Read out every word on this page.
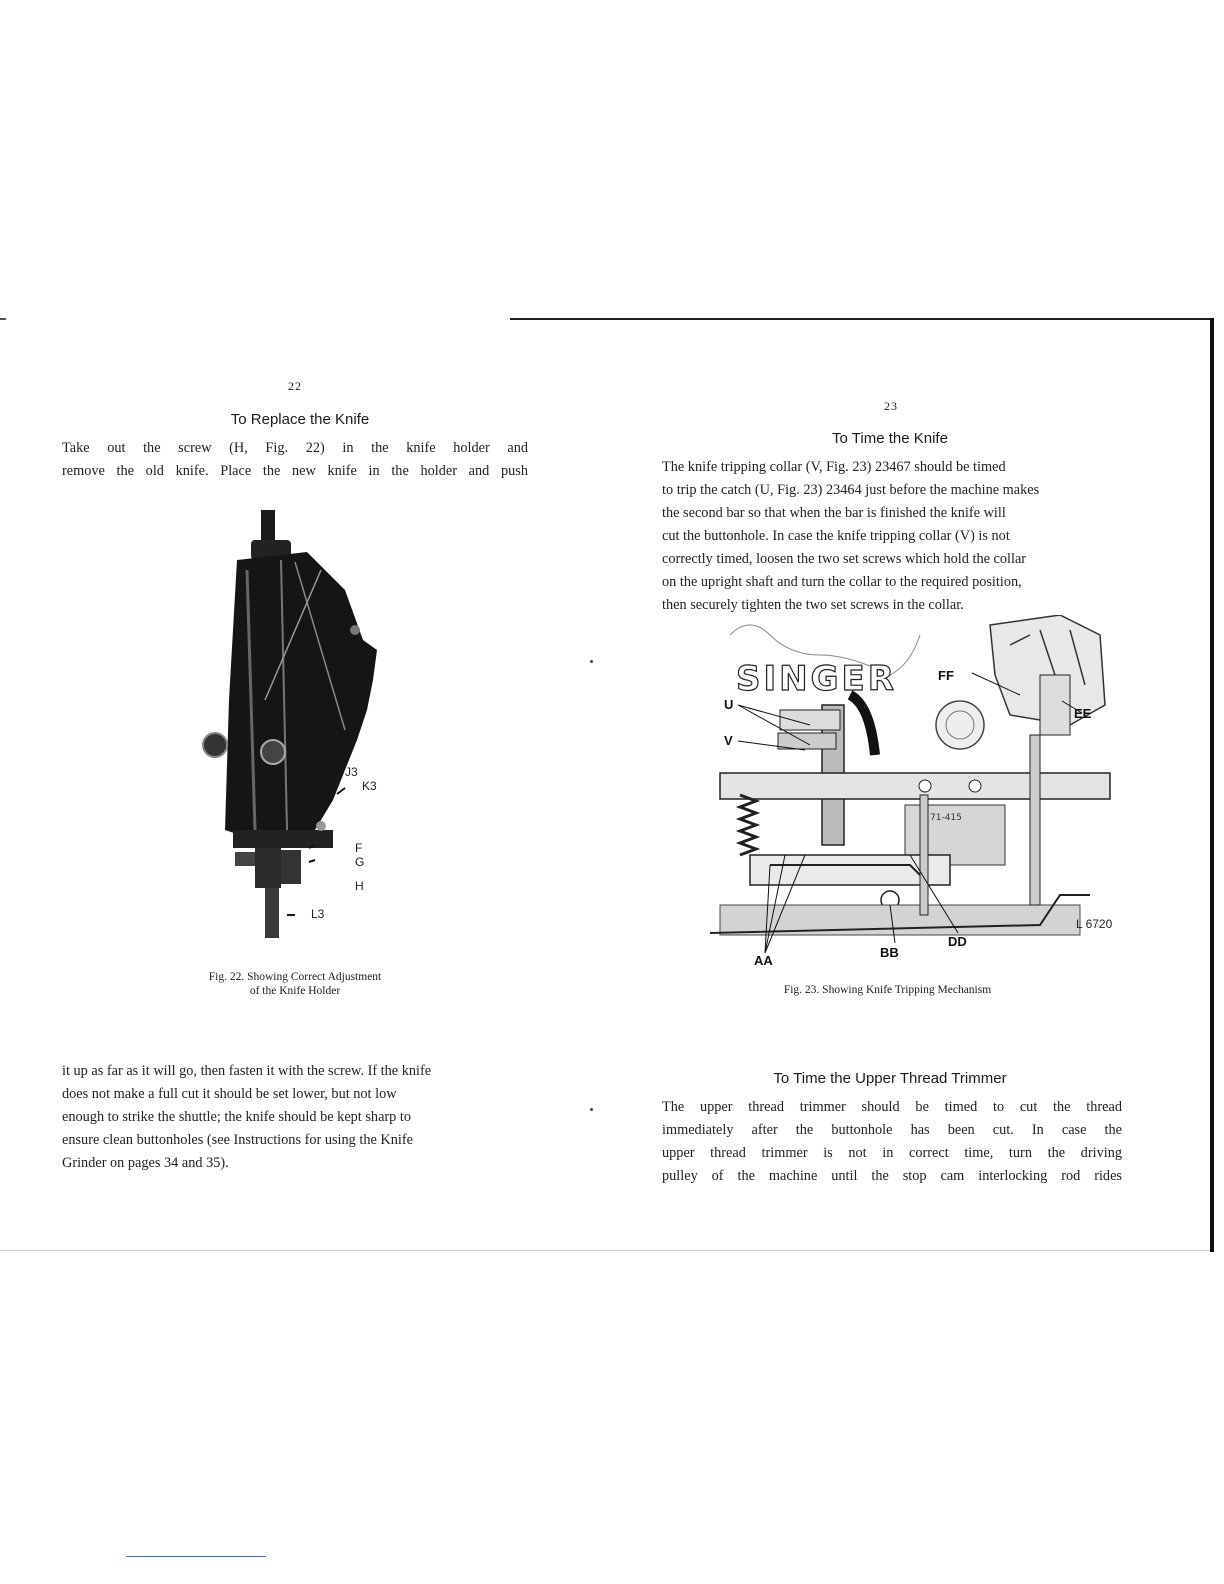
22
To Replace the Knife
Take out the screw (H, Fig. 22) in the knife holder and
remove the old knife. Place the new knife in the holder and push
J3
K3
F
G
H
L3
Fig. 22. Showing Correct Adjustment
of the Knife Holder
it up as far as it will go, then fasten it with the screw. If the knife
does not make a full cut it should be set lower, but not low
enough to strike the shuttle; the knife should be kept sharp to
ensure clean buttonholes (see Instructions for using the Knife
Grinder on pages 34 and 35).
23
To Time the Knife
The knife tripping collar (V, Fig. 23) 23467 should be timed
to trip the catch (U, Fig. 23) 23464 just before the machine makes
the second bar so that when the bar is finished the knife will
cut the buttonhole. In case the knife tripping collar (V) is not
correctly timed, loosen the two set screws which hold the collar
on the upright shaft and turn the collar to the required position,
then securely tighten the two set screws in the collar.
SINGER
71-415
FF
EE
U
V
DD
BB
AA
L 6720
Fig. 23. Showing Knife Tripping Mechanism
To Time the Upper Thread Trimmer
The upper thread trimmer should be timed to cut the thread
immediately after the buttonhole has been cut. In case the
upper thread trimmer is not in correct time, turn the driving
pulley of the machine until the stop cam interlocking rod rides
